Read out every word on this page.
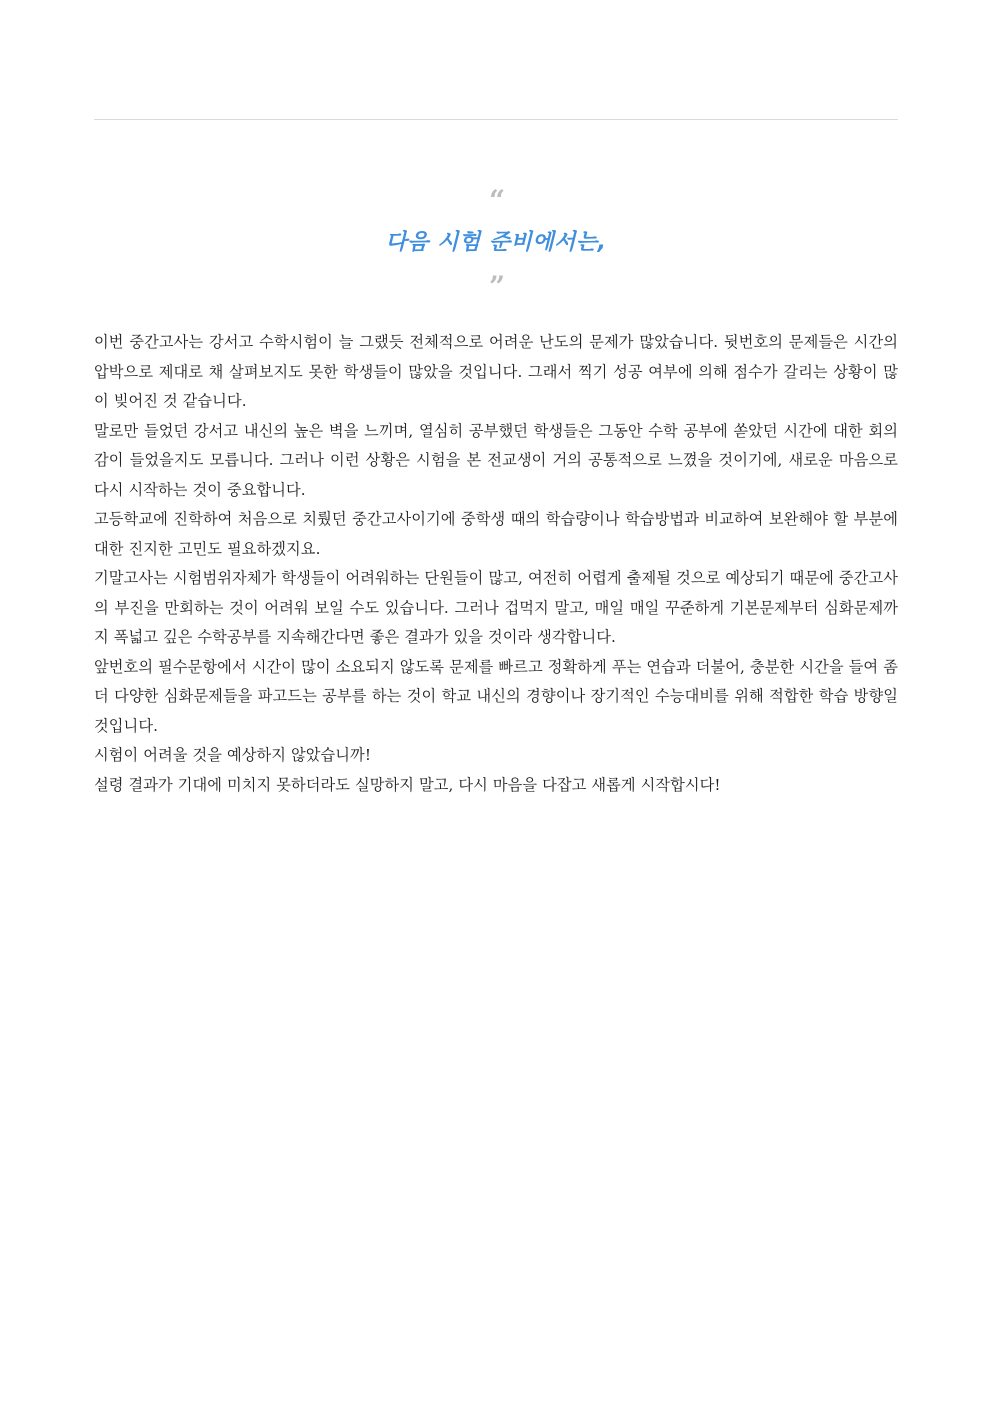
“
다음 시험 준비에서는,
”

이번 중간고사는 강서고 수학시험이 늘 그랬듯 전체적으로 어려운 난도의 문제가 많았습니다. 뒷번호의 문제들은 시간의 압박으로 제대로 채 살펴보지도 못한 학생들이 많았을 것입니다. 그래서 찍기 성공 여부에 의해 점수가 갈리는 상황이 많이 빚어진 것 같습니다.

말로만 들었던 강서고 내신의 높은 벽을 느끼며, 열심히 공부했던 학생들은 그동안 수학 공부에 쏟았던 시간에 대한 회의감이 들었을지도 모릅니다. 그러나 이런 상황은 시험을 본 전교생이 거의 공통적으로 느꼈을 것이기에, 새로운 마음으로 다시 시작하는 것이 중요합니다.

고등학교에 진학하여 처음으로 치뤘던 중간고사이기에 중학생 때의 학습량이나 학습방법과 비교하여 보완해야 할 부분에 대한 진지한 고민도 필요하겠지요.

기말고사는 시험범위자체가 학생들이 어려워하는 단원들이 많고, 여전히 어렵게 출제될 것으로 예상되기 때문에 중간고사의 부진을 만회하는 것이 어려워 보일 수도 있습니다. 그러나 겁먹지 말고, 매일 매일 꾸준하게 기본문제부터 심화문제까지 폭넓고 깊은 수학공부를 지속해간다면 좋은 결과가 있을 것이라 생각합니다.

앞번호의 필수문항에서 시간이 많이 소요되지 않도록 문제를 빠르고 정확하게 푸는 연습과 더불어, 충분한 시간을 들여 좀 더 다양한 심화문제들을 파고드는 공부를 하는 것이 학교 내신의 경향이나 장기적인 수능대비를 위해 적합한 학습 방향일 것입니다.

시험이 어려울 것을 예상하지 않았습니까!

설령 결과가 기대에 미치지 못하더라도 실망하지 말고, 다시 마음을 다잡고 새롭게 시작합시다!
